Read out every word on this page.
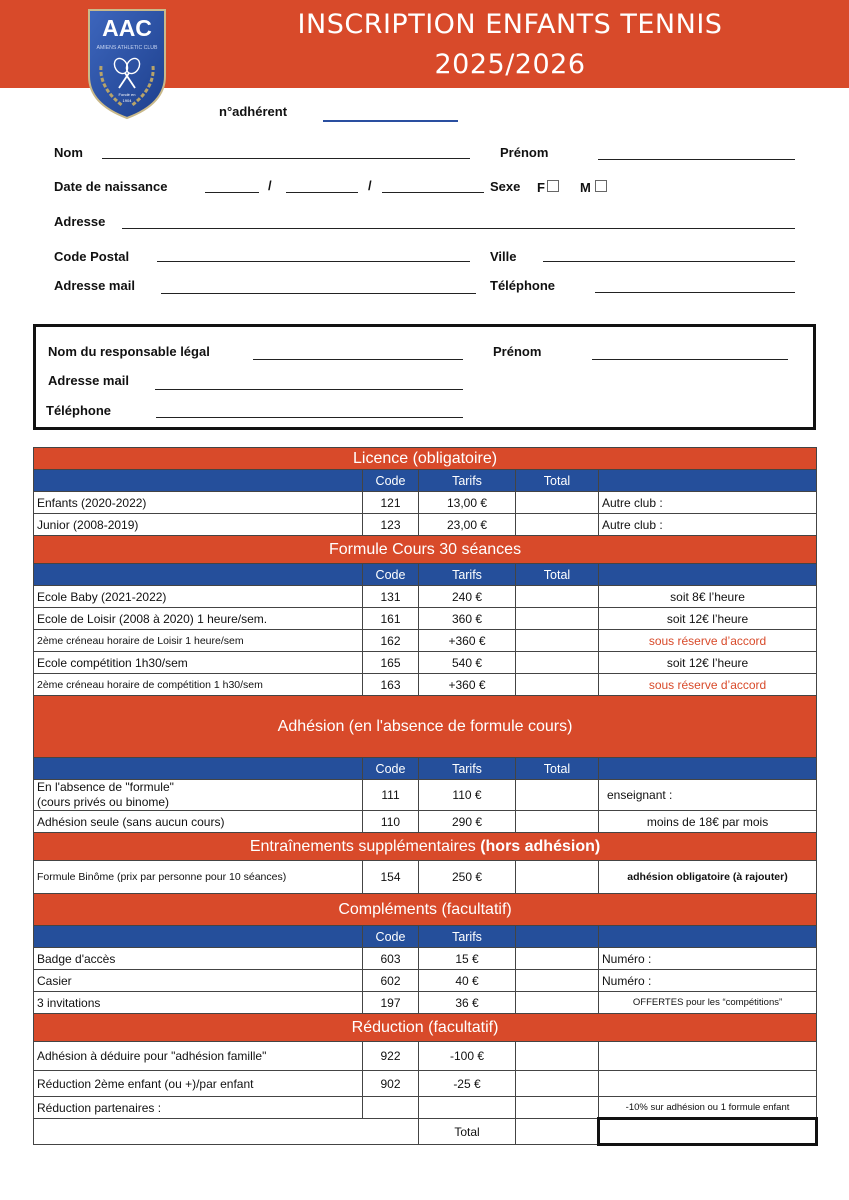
INSCRIPTION ENFANTS TENNIS
2025/2026
AAC
AMIENS ATHLETIC CLUB
Fondé en
1904
n°adhérent
Nom	Prénom
Date de naissance	/	/	Sexe F	M
Adresse
Code Postal	Ville
Adresse mail	Téléphone
Nom du responsable légal	Prénom
Adresse mail
Téléphone
Licence (obligatoire)				
	Code	Tarifs	Total	
Enfants (2020-2022)	121	13,00 €		Autre club :
Junior (2008-2019)	123	23,00 €		Autre club :
Formule Cours 30 séances				
	Code	Tarifs	Total	
Ecole Baby (2021-2022)	131	240 €		soit 8€ l’heure
Ecole de Loisir (2008 à 2020) 1 heure/sem.	161	360 €		soit 12€ l’heure
2ème créneau horaire de Loisir 1 heure/sem	162	+360 €		sous réserve d’accord
Ecole compétition 1h30/sem	165	540 €		soit 12€ l’heure
2ème créneau horaire de compétition 1 h30/sem	163	+360 €		sous réserve d’accord
Adhésion (en l'absence de formule cours)				
	Code	Tarifs	Total	

En l'absence de "formule"
(cours privés ou binome)	111	110 €		enseignant :
Adhésion seule (sans aucun cours)	110	290 €		moins de 18€ par mois
Entraînements supplémentaires (hors adhésion)				
Formule Binôme (prix par personne pour 10 séances)	154	250 €		adhésion obligatoire (à rajouter)
Compléments (facultatif)				
	Code	Tarifs		
Badge d'accès	603	15 €		Numéro :
Casier	602	40 €		Numéro :
3 invitations	197	36 €		OFFERTES pour les “compétitions”
Réduction (facultatif)				
Adhésion à déduire pour "adhésion famille"	922	-100 €		
Réduction 2ème enfant (ou +)/par enfant	902	-25 €		
Réduction partenaires :				-10% sur adhésion ou 1 formule enfant
		Total		
